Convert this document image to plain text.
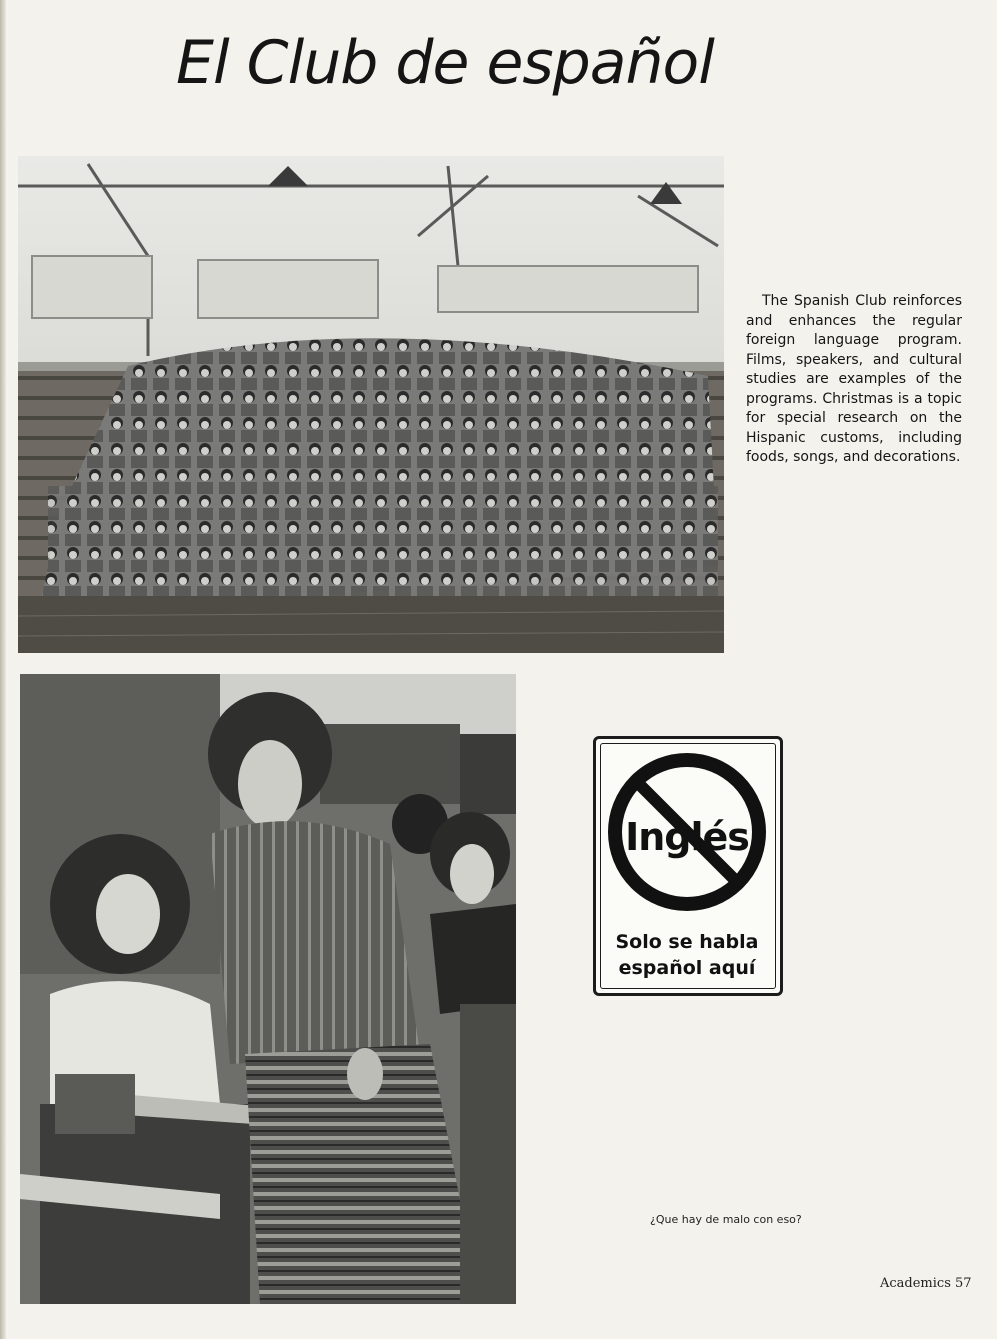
El Club de español
The Spanish Club reinforces and enhances the regular foreign language program. Films, speakers, and cultural studies are examples of the programs. Christmas is a topic for special research on the Hispanic customs, including foods, songs, and decorations.
Inglés
Solo se habla
español aquí
¿Que hay de malo con eso?
Academics 57
